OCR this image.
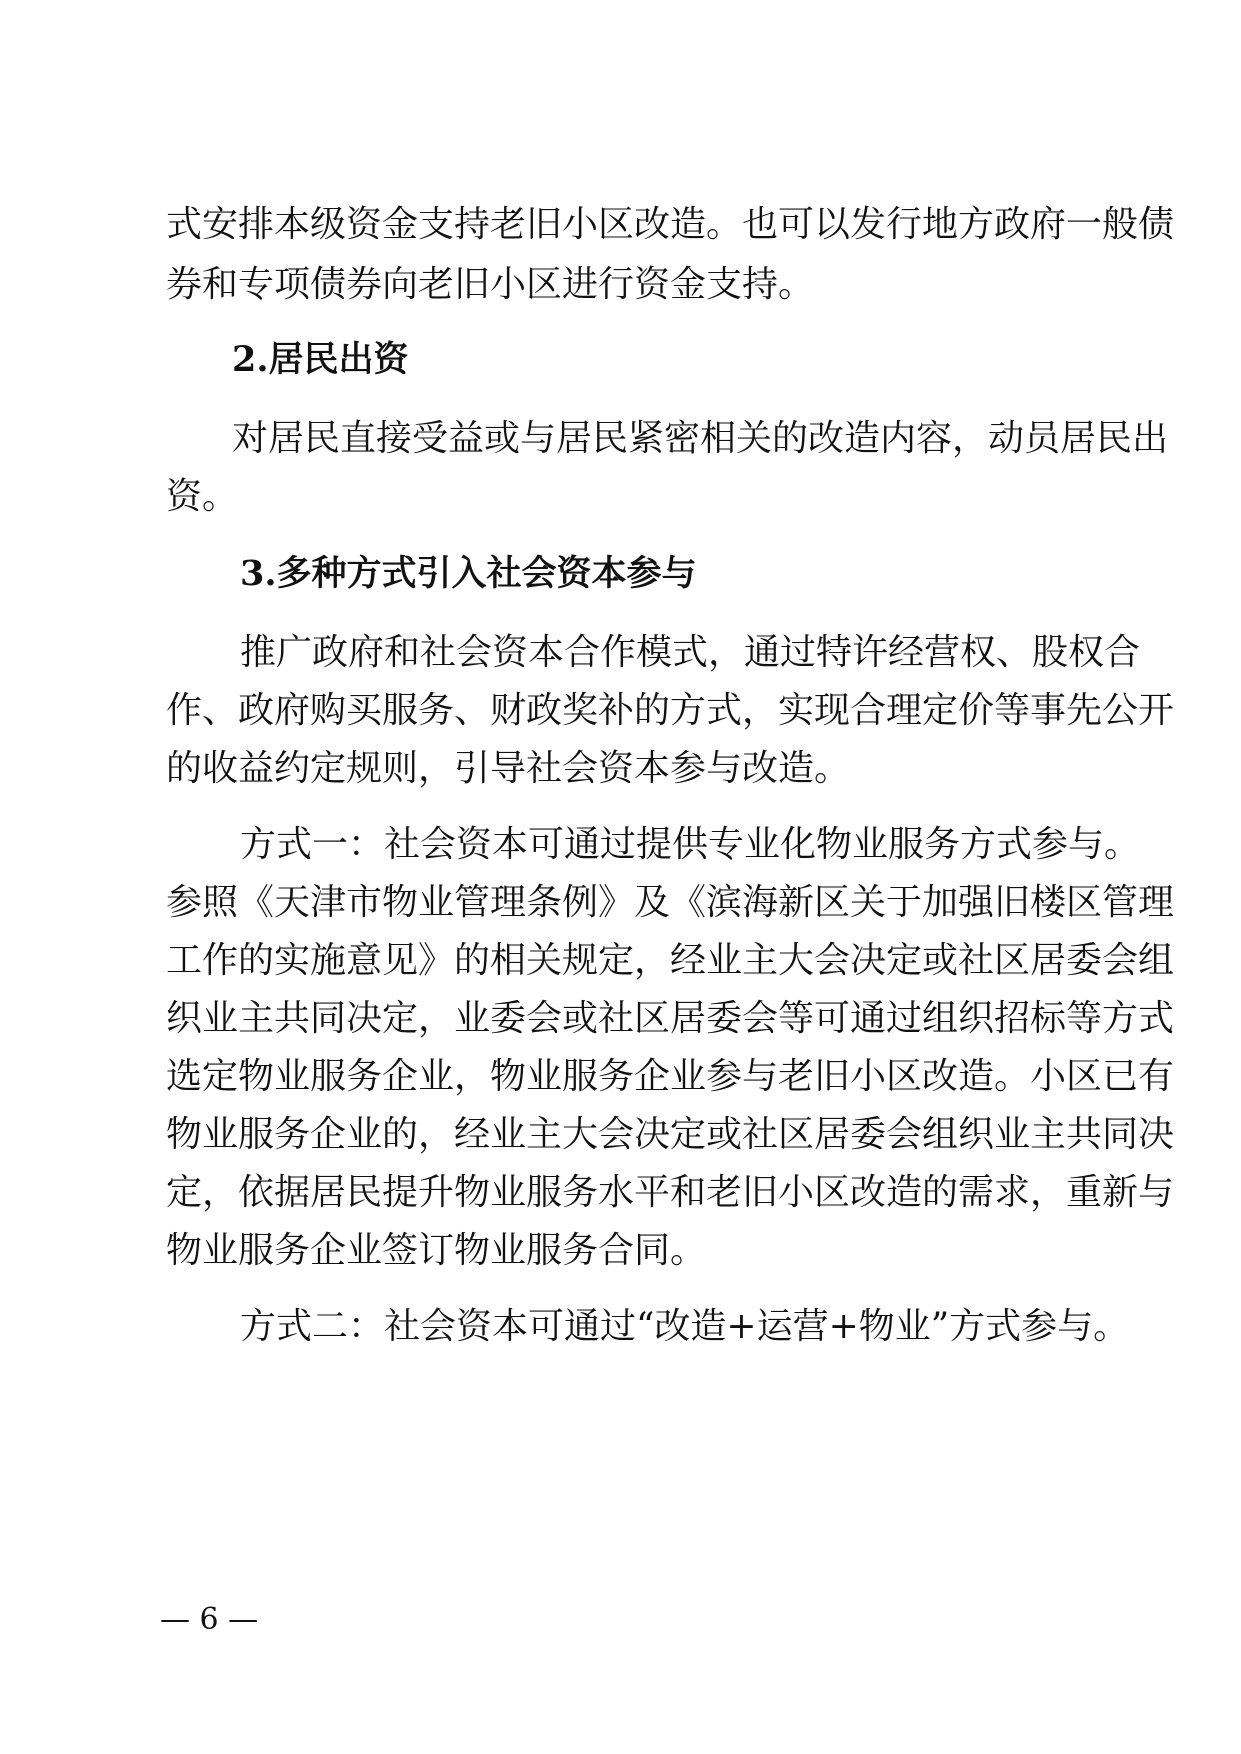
式安排本级资金支持老旧小区改造。也可以发行地方政府一般债
券和专项债券向老旧小区进行资金支持。
2.居民出资
对居民直接受益或与居民紧密相关的改造内容，动员居民出
资。
3.多种方式引入社会资本参与
推广政府和社会资本合作模式，通过特许经营权、股权合
作、政府购买服务、财政奖补的方式，实现合理定价等事先公开
的收益约定规则，引导社会资本参与改造。
方式一：社会资本可通过提供专业化物业服务方式参与。
参照《天津市物业管理条例》及《滨海新区关于加强旧楼区管理
工作的实施意见》的相关规定，经业主大会决定或社区居委会组
织业主共同决定，业委会或社区居委会等可通过组织招标等方式
选定物业服务企业，物业服务企业参与老旧小区改造。小区已有
物业服务企业的，经业主大会决定或社区居委会组织业主共同决
定，依据居民提升物业服务水平和老旧小区改造的需求，重新与
物业服务企业签订物业服务合同。
方式二：社会资本可通过“改造+运营+物业”方式参与。
— 6 —
